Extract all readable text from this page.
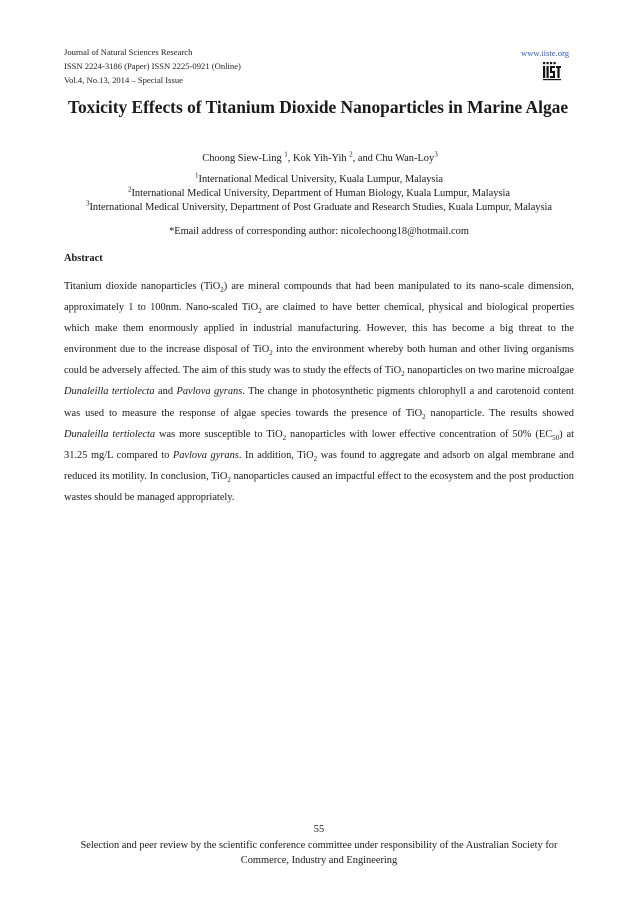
Journal of Natural Sciences Research
ISSN 2224-3186 (Paper) ISSN 2225-0921 (Online)
Vol.4, No.13, 2014 – Special Issue
www.iiste.org
Toxicity Effects of Titanium Dioxide Nanoparticles in Marine Algae
Choong Siew-Ling $^1$, Kok Yih-Yih $^2$, and Chu Wan-Loy$^3$
$^1$International Medical University, Kuala Lumpur, Malaysia
$^2$International Medical University, Department of Human Biology, Kuala Lumpur, Malaysia
$^3$International Medical University, Department of Post Graduate and Research Studies, Kuala Lumpur, Malaysia
*Email address of corresponding author: nicolechoong18@hotmail.com
Abstract

Titanium dioxide nanoparticles (TiO$_2$) are mineral compounds that had been manipulated to its nano-scale dimension, approximately 1 to 100nm. Nano-scaled TiO$_2$ are claimed to have better chemical, physical and biological properties which make them enormously applied in industrial manufacturing. However, this has become a big threat to the environment due to the increase disposal of TiO$_2$ into the environment whereby both human and other living organisms could be adversely affected. The aim of this study was to study the effects of TiO$_2$ nanoparticles on two marine microalgae Dunaleilla tertiolecta and Pavlova gyrans. The change in photosynthetic pigments chlorophyll a and carotenoid content was used to measure the response of algae species towards the presence of TiO$_2$ nanoparticle. The results showed Dunaleilla tertiolecta was more susceptible to TiO$_2$ nanoparticles with lower effective concentration of 50% $(EC_{50})$ at 31.25 mg/L compared to Pavlova gyrans. In addition, TiO$_2$ was found to aggregate and adsorb on algal membrane and reduced its motility. In conclusion, TiO$_2$ nanoparticles caused an impactful effect to the ecosystem and the post production wastes should be managed appropriately.

55
Selection and peer review by the scientific conference committee under responsibility of the Australian Society for Commerce, Industry and Engineering
